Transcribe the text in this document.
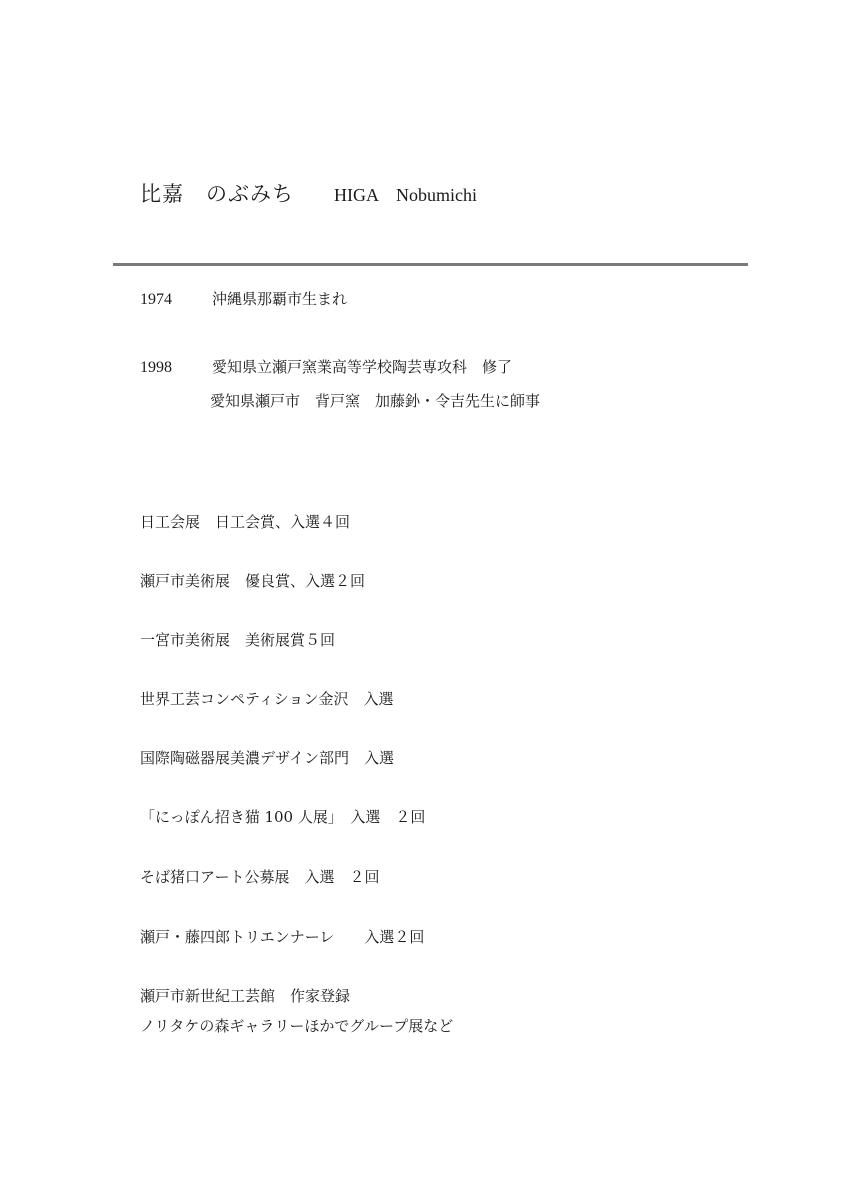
比嘉　のぶみち HIGA　Nobumichi
1974	沖縄県那覇市生まれ
1998	愛知県立瀬戸窯業高等学校陶芸専攻科　修了
愛知県瀬戸市　背戸窯　加藤釥・令吉先生に師事
日工会展　日工会賞、入選４回
瀬戸市美術展　優良賞、入選２回
一宮市美術展　美術展賞５回
世界工芸コンペティション金沢　入選
国際陶磁器展美濃デザイン部門　入選
「にっぽん招き猫 100 人展」　入選　２回
そば猪口アート公募展　入選　２回
瀬戸・藤四郎トリエンナーレ　　入選２回
瀬戸市新世紀工芸館　作家登録
ノリタケの森ギャラリーほかでグループ展など
